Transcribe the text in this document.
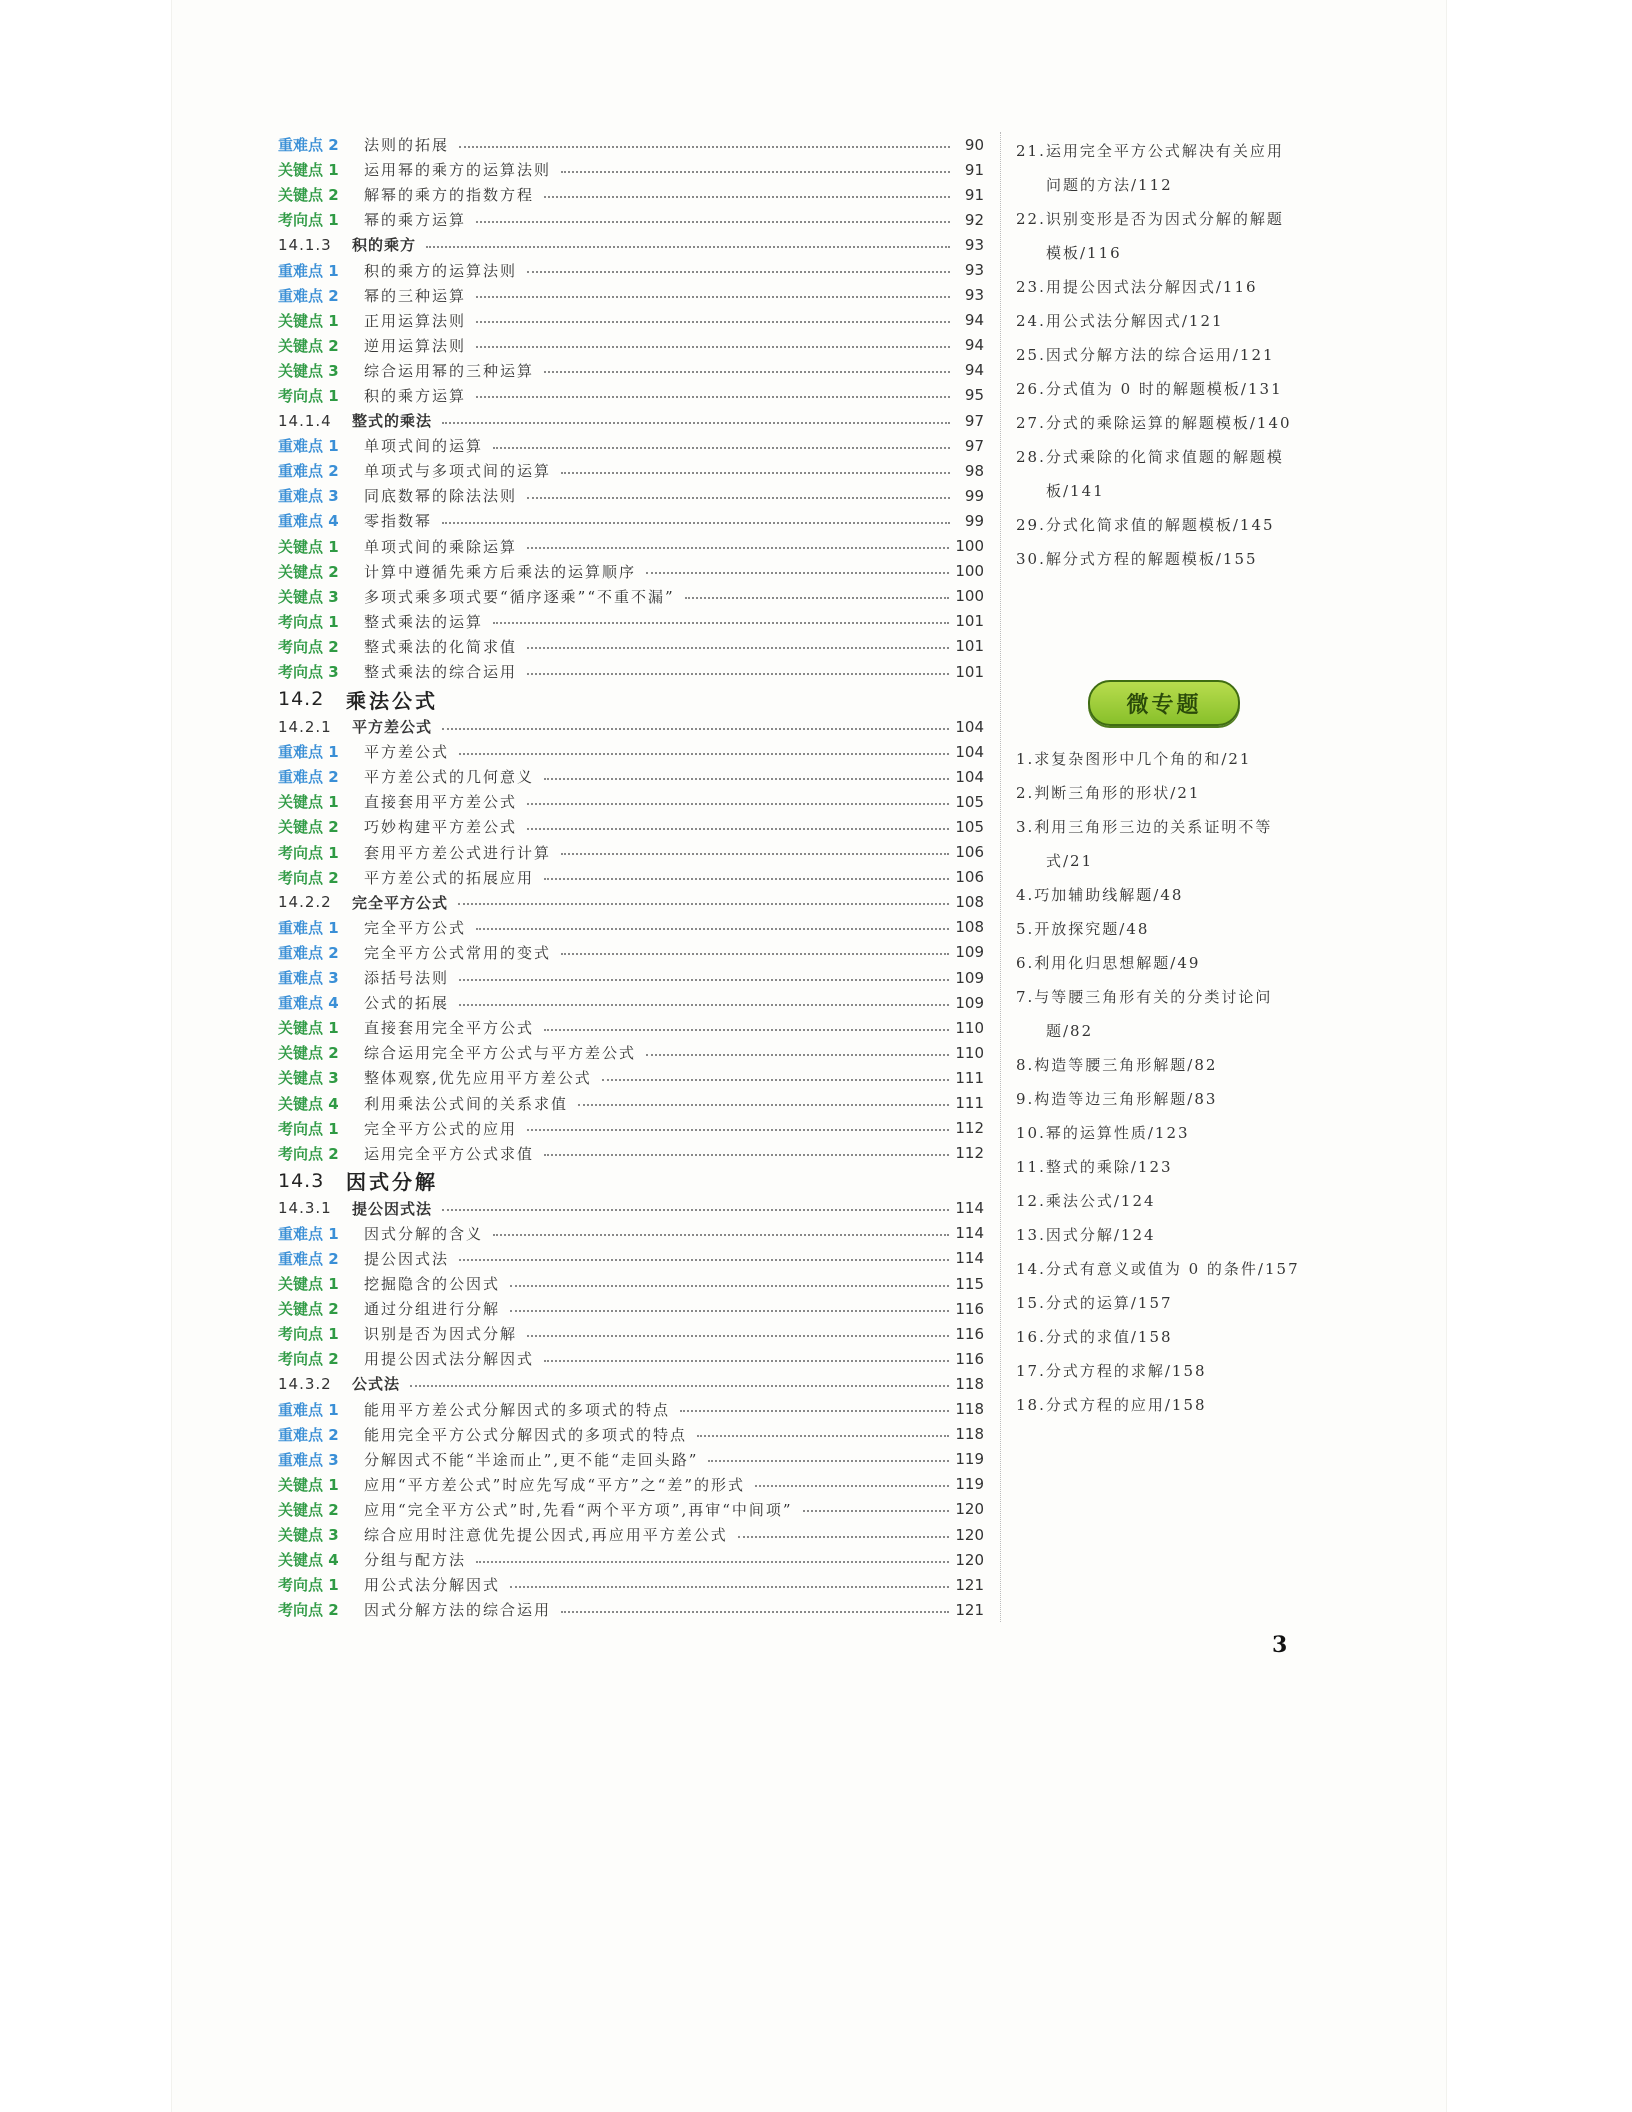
重难点 2	法则的拓展	90
关键点 1	运用幂的乘方的运算法则	91
关键点 2	解幂的乘方的指数方程	91
考向点 1	幂的乘方运算	92
14.1.3	积的乘方	93
重难点 1	积的乘方的运算法则	93
重难点 2	幂的三种运算	93
关键点 1	正用运算法则	94
关键点 2	逆用运算法则	94
关键点 3	综合运用幂的三种运算	94
考向点 1	积的乘方运算	95
14.1.4	整式的乘法	97
重难点 1	单项式间的运算	97
重难点 2	单项式与多项式间的运算	98
重难点 3	同底数幂的除法法则	99
重难点 4	零指数幂	99
关键点 1	单项式间的乘除运算	100
关键点 2	计算中遵循先乘方后乘法的运算顺序	100
关键点 3	多项式乘多项式要“循序逐乘”“不重不漏”	100
考向点 1	整式乘法的运算	101
考向点 2	整式乘法的化简求值	101
考向点 3	整式乘法的综合运用	101
14.2	乘法公式
14.2.1	平方差公式	104
重难点 1	平方差公式	104
重难点 2	平方差公式的几何意义	104
关键点 1	直接套用平方差公式	105
关键点 2	巧妙构建平方差公式	105
考向点 1	套用平方差公式进行计算	106
考向点 2	平方差公式的拓展应用	106
14.2.2	完全平方公式	108
重难点 1	完全平方公式	108
重难点 2	完全平方公式常用的变式	109
重难点 3	添括号法则	109
重难点 4	公式的拓展	109
关键点 1	直接套用完全平方公式	110
关键点 2	综合运用完全平方公式与平方差公式	110
关键点 3	整体观察,优先应用平方差公式	111
关键点 4	利用乘法公式间的关系求值	111
考向点 1	完全平方公式的应用	112
考向点 2	运用完全平方公式求值	112
14.3	因式分解
14.3.1	提公因式法	114
重难点 1	因式分解的含义	114
重难点 2	提公因式法	114
关键点 1	挖掘隐含的公因式	115
关键点 2	通过分组进行分解	116
考向点 1	识别是否为因式分解	116
考向点 2	用提公因式法分解因式	116
14.3.2	公式法	118
重难点 1	能用平方差公式分解因式的多项式的特点	118
重难点 2	能用完全平方公式分解因式的多项式的特点	118
重难点 3	分解因式不能“半途而止”,更不能“走回头路”	119
关键点 1	应用“平方差公式”时应先写成“平方”之“差”的形式	119
关键点 2	应用“完全平方公式”时,先看“两个平方项”,再审“中间项”	120
关键点 3	综合应用时注意优先提公因式,再应用平方差公式	120
关键点 4	分组与配方法	120
考向点 1	用公式法分解因式	121
考向点 2	因式分解方法的综合运用	121
21.运用完全平方公式解决有关应用
问题的方法/112
22.识别变形是否为因式分解的解题
模板/116
23.用提公因式法分解因式/116
24.用公式法分解因式/121
25.因式分解方法的综合运用/121
26.分式值为 0 时的解题模板/131
27.分式的乘除运算的解题模板/140
28.分式乘除的化简求值题的解题模
板/141
29.分式化简求值的解题模板/145
30.解分式方程的解题模板/155
微专题
1.求复杂图形中几个角的和/21
2.判断三角形的形状/21
3.利用三角形三边的关系证明不等
式/21
4.巧加辅助线解题/48
5.开放探究题/48
6.利用化归思想解题/49
7.与等腰三角形有关的分类讨论问
题/82
8.构造等腰三角形解题/82
9.构造等边三角形解题/83
10.幂的运算性质/123
11.整式的乘除/123
12.乘法公式/124
13.因式分解/124
14.分式有意义或值为 0 的条件/157
15.分式的运算/157
16.分式的求值/158
17.分式方程的求解/158
18.分式方程的应用/158
3
